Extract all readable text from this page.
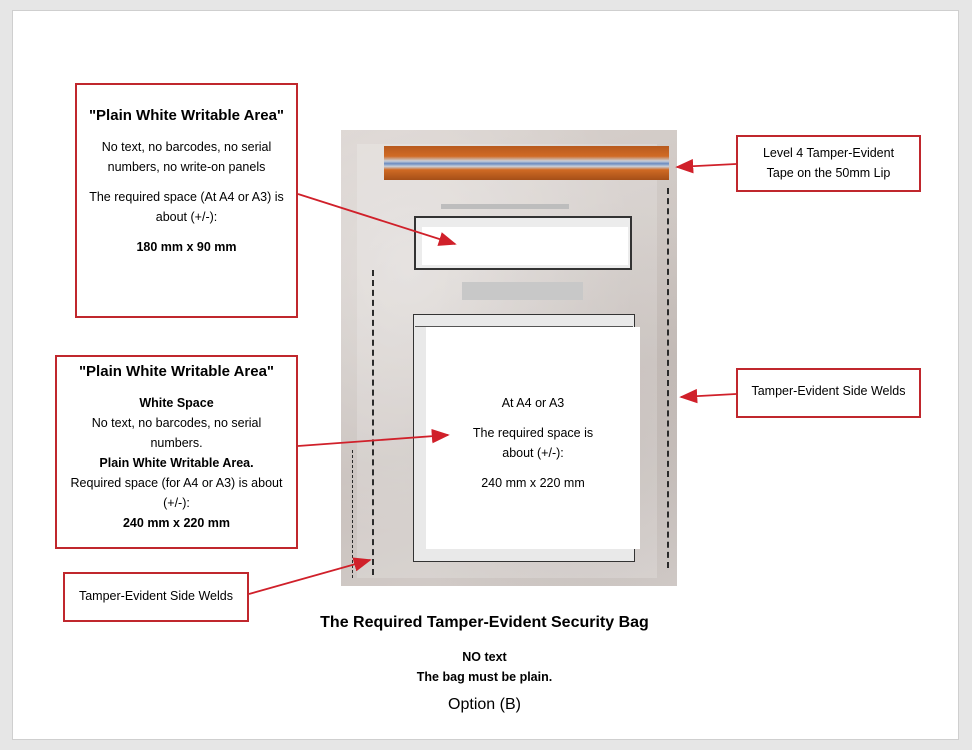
"Plain White Writable Area"

No text, no barcodes, no serial

numbers, no write-on panels

The required space (At A4 or A3) is

about (+/-):

180 mm x 90 mm

"Plain White Writable Area"

White Space

No text, no barcodes, no serial

numbers.

Plain White Writable Area.

Required space (for A4 or A3) is about

(+/-):

240 mm x 220 mm

Tamper-Evident Side Welds

Level 4 Tamper-Evident

Tape on the 50mm Lip

Tamper-Evident Side Welds

At A4 or A3

The required space is

about (+/-):

240 mm x 220 mm

The Required Tamper-Evident Security Bag
NO text
The bag must be plain.
Option (B)
